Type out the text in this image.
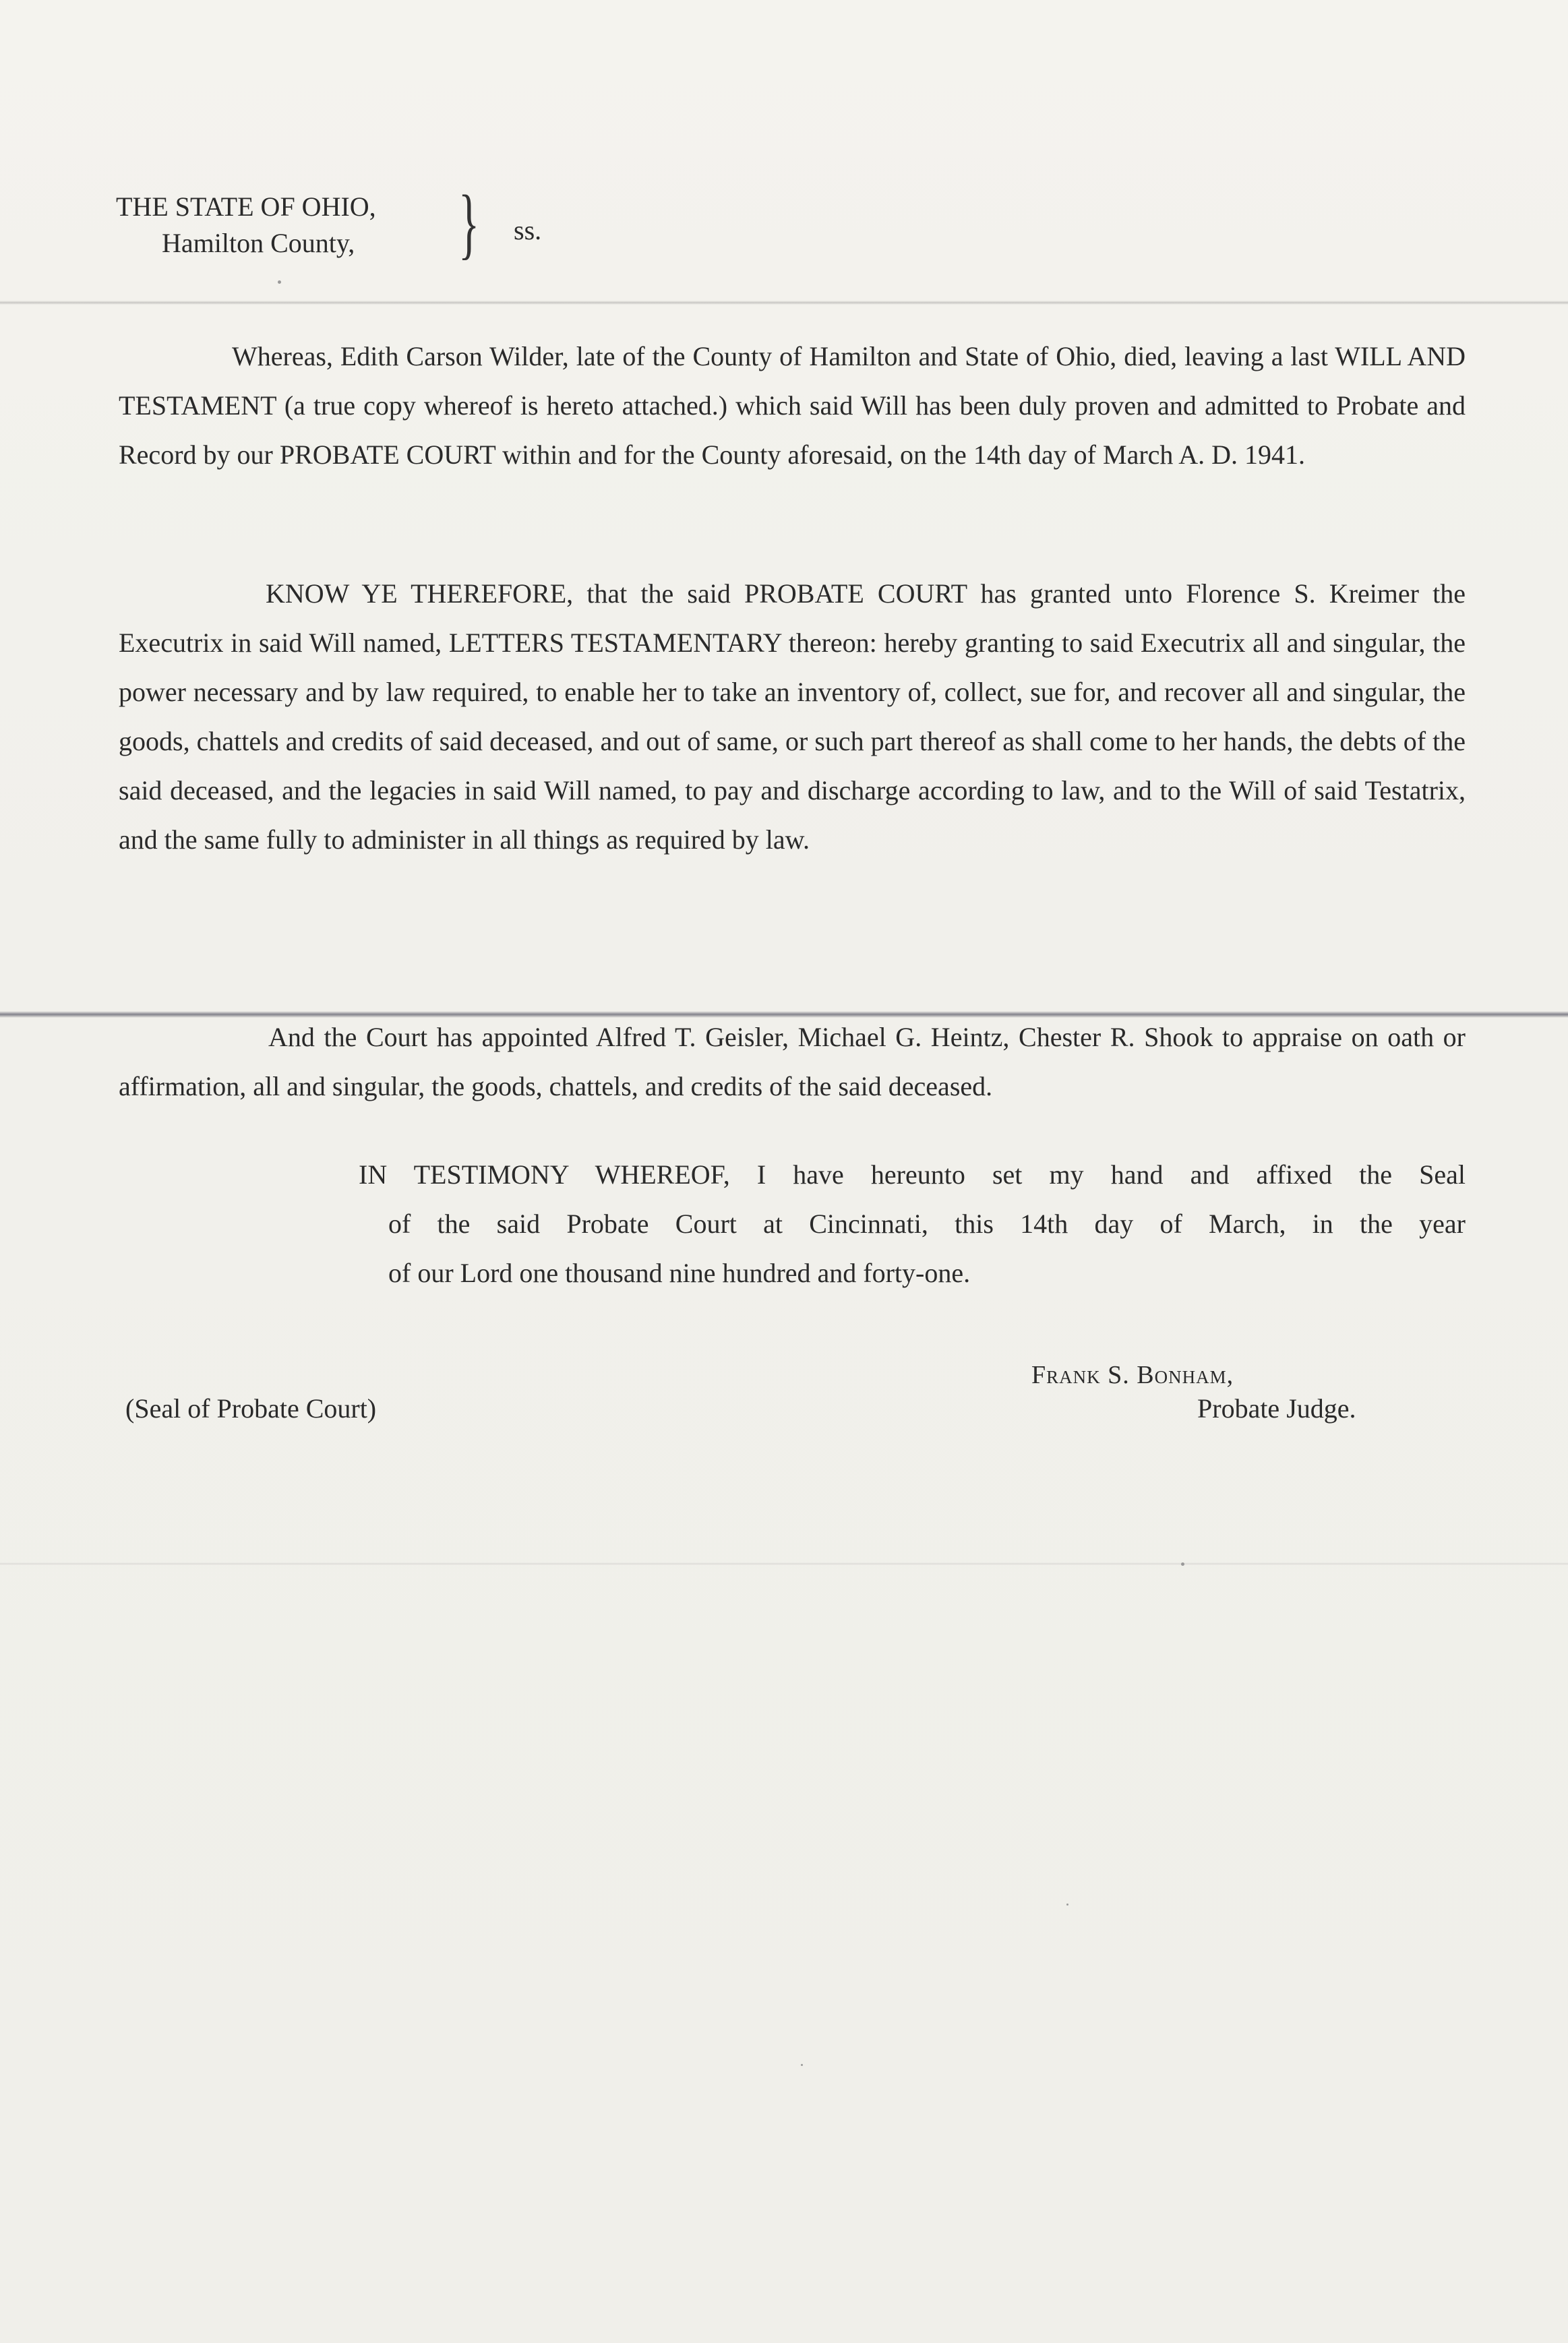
THE STATE OF OHIO,
Hamilton County, } ss.

Whereas, Edith Carson Wilder, late of the County of Hamilton and State of Ohio, died, leaving a last WILL AND TESTAMENT (a true copy whereof is hereto attached.) which said Will has been duly proven and admitted to Probate and Record by our PROBATE COURT within and for the County aforesaid, on the 14th day of March A. D. 1941.

KNOW YE THEREFORE, that the said PROBATE COURT has granted unto Florence S. Kreimer the Executrix in said Will named, LETTERS TESTAMENTARY thereon: hereby granting to said Executrix all and singular, the power necessary and by law required, to enable her to take an inventory of, collect, sue for, and recover all and singular, the goods, chattels and credits of said deceased, and out of same, or such part thereof as shall come to her hands, the debts of the said deceased, and the legacies in said Will named, to pay and discharge according to law, and to the Will of said Testatrix, and the same fully to administer in all things as required by law.

And the Court has appointed Alfred T. Geisler, Michael G. Heintz, Chester R. Shook to appraise on oath or affirmation, all and singular, the goods, chattels, and credits of the said deceased.

IN TESTIMONY WHEREOF, I have hereunto set my hand and affixed the Seal
of the said Probate Court at Cincinnati, this 14th day of March, in the year
of our Lord one thousand nine hundred and forty-one.
(Seal of Probate Court)
Frank S. Bonham,
Probate Judge.
